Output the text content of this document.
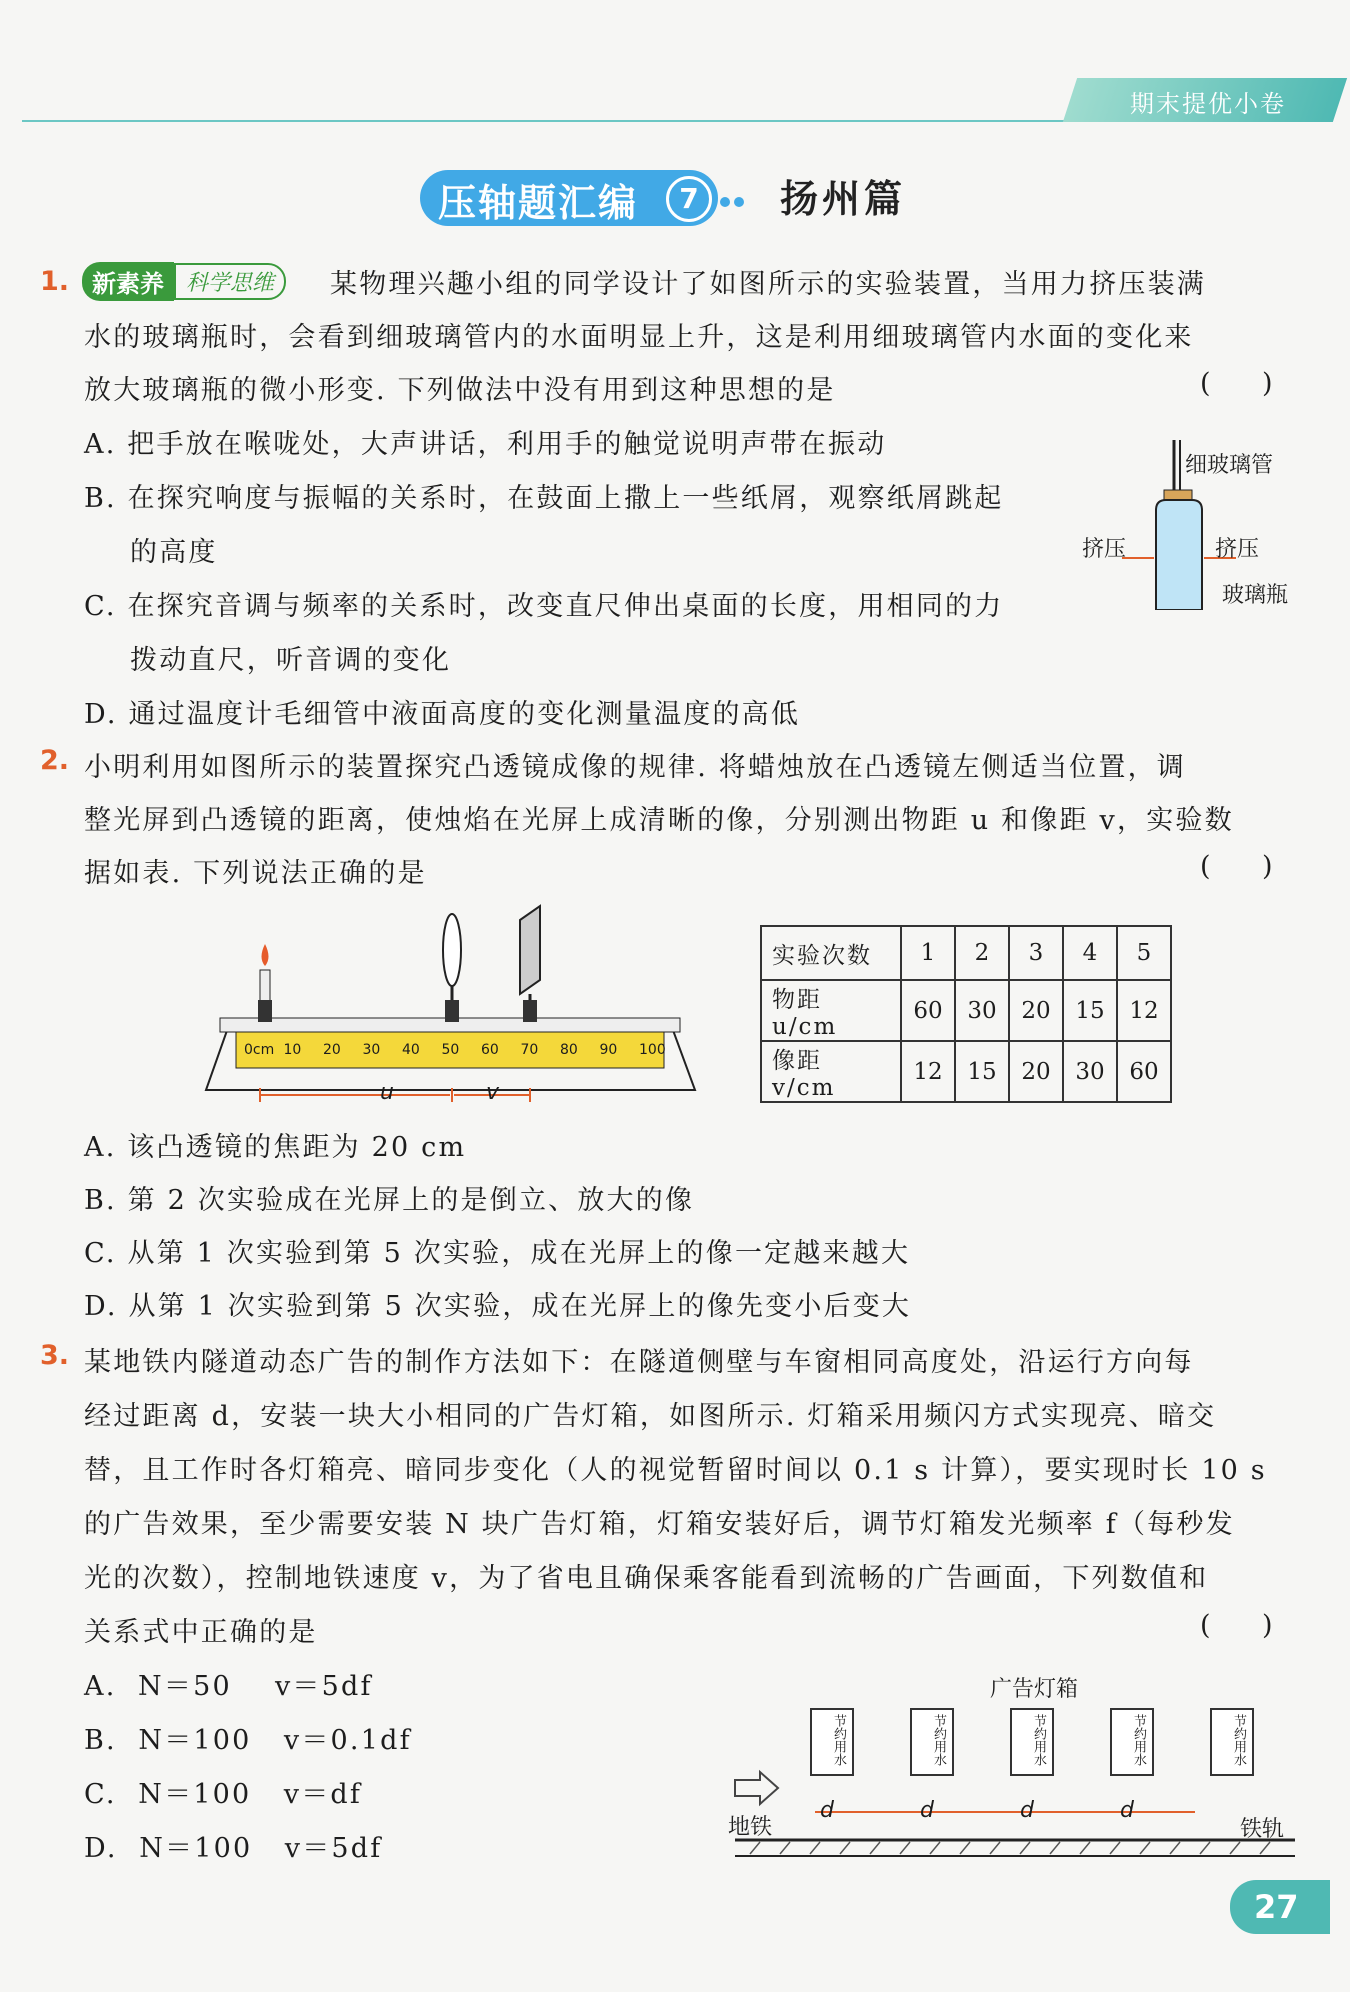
期末提优小卷
压轴题汇编	7	扬州篇
1. 新素养	科学思维	某物理兴趣小组的同学设计了如图所示的实验装置，当用力挤压装满
水的玻璃瓶时，会看到细玻璃管内的水面明显上升，这是利用细玻璃管内水面的变化来
放大玻璃瓶的微小形变. 下列做法中没有用到这种思想的是	(      )
A. 把手放在喉咙处，大声讲话，利用手的触觉说明声带在振动
B. 在探究响度与振幅的关系时，在鼓面上撒上一些纸屑，观察纸屑跳起
的高度
C. 在探究音调与频率的关系时，改变直尺伸出桌面的长度，用相同的力
拨动直尺，听音调的变化
D. 通过温度计毛细管中液面高度的变化测量温度的高低
细玻璃管
挤压	挤压
玻璃瓶
2. 小明利用如图所示的装置探究凸透镜成像的规律. 将蜡烛放在凸透镜左侧适当位置，调
整光屏到凸透镜的距离，使烛焰在光屏上成清晰的像，分别测出物距 u 和像距 v，实验数
据如表. 下列说法正确的是	(      )
0cm 10 20 30 40 50 60 70 80 90 100
u	v
实验次数	1	2	3	4	5
物距 u/cm	60	30	20	15	12
像距 v/cm	12	15	20	30	60
A. 该凸透镜的焦距为 20 cm
B. 第 2 次实验成在光屏上的是倒立、放大的像
C. 从第 1 次实验到第 5 次实验，成在光屏上的像一定越来越大
D. 从第 1 次实验到第 5 次实验，成在光屏上的像先变小后变大
3. 某地铁内隧道动态广告的制作方法如下：在隧道侧壁与车窗相同高度处，沿运行方向每
经过距离 d，安装一块大小相同的广告灯箱，如图所示. 灯箱采用频闪方式实现亮、暗交
替，且工作时各灯箱亮、暗同步变化（人的视觉暂留时间以 0.1 s 计算），要实现时长 10 s
的广告效果，至少需要安装 N 块广告灯箱，灯箱安装好后，调节灯箱发光频率 f（每秒发
光的次数），控制地铁速度 v，为了省电且确保乘客能看到流畅的广告画面，下列数值和
关系式中正确的是	(      )
A.  N＝50    v＝5df
B.  N＝100   v＝0.1df
C.  N＝100   v＝df
D.  N＝100   v＝5df
广告灯箱
节约用水	节约用水	节约用水	节约用水	节约用水
d	d	d	d
地铁	铁轨
27
